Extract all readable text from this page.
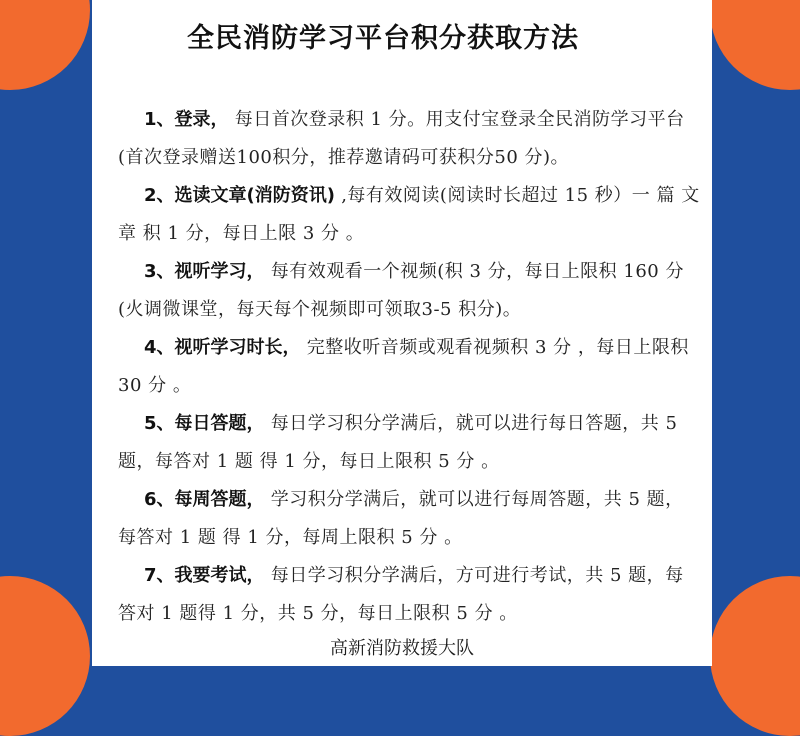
全民消防学习平台积分获取方法
1、登录， 每日首次登录积 1 分。用支付宝登录全民消防学习平台(首次登录赠送100积分，推荐邀请码可获积分50 分)。
2、选读文章(消防资讯) ,每有效阅读(阅读时长超过 15 秒）一 篇 文 章 积 1 分，每日上限 3 分 。
3、视听学习， 每有效观看一个视频(积 3 分，每日上限积 160 分(火调微课堂，每天每个视频即可领取3-5 积分)。
4、视听学习时长， 完整收听音频或观看视频积 3 分 ，每日上限积 30 分 。
5、每日答题， 每日学习积分学满后，就可以进行每日答题，共 5 题，每答对 1 题 得 1 分，每日上限积 5 分 。
6、每周答题， 学习积分学满后，就可以进行每周答题，共 5 题，每答对 1 题 得 1 分，每周上限积 5 分 。
7、我要考试， 每日学习积分学满后，方可进行考试，共 5 题，每答对 1 题得 1 分，共 5 分，每日上限积 5 分 。
高新消防救援大队
